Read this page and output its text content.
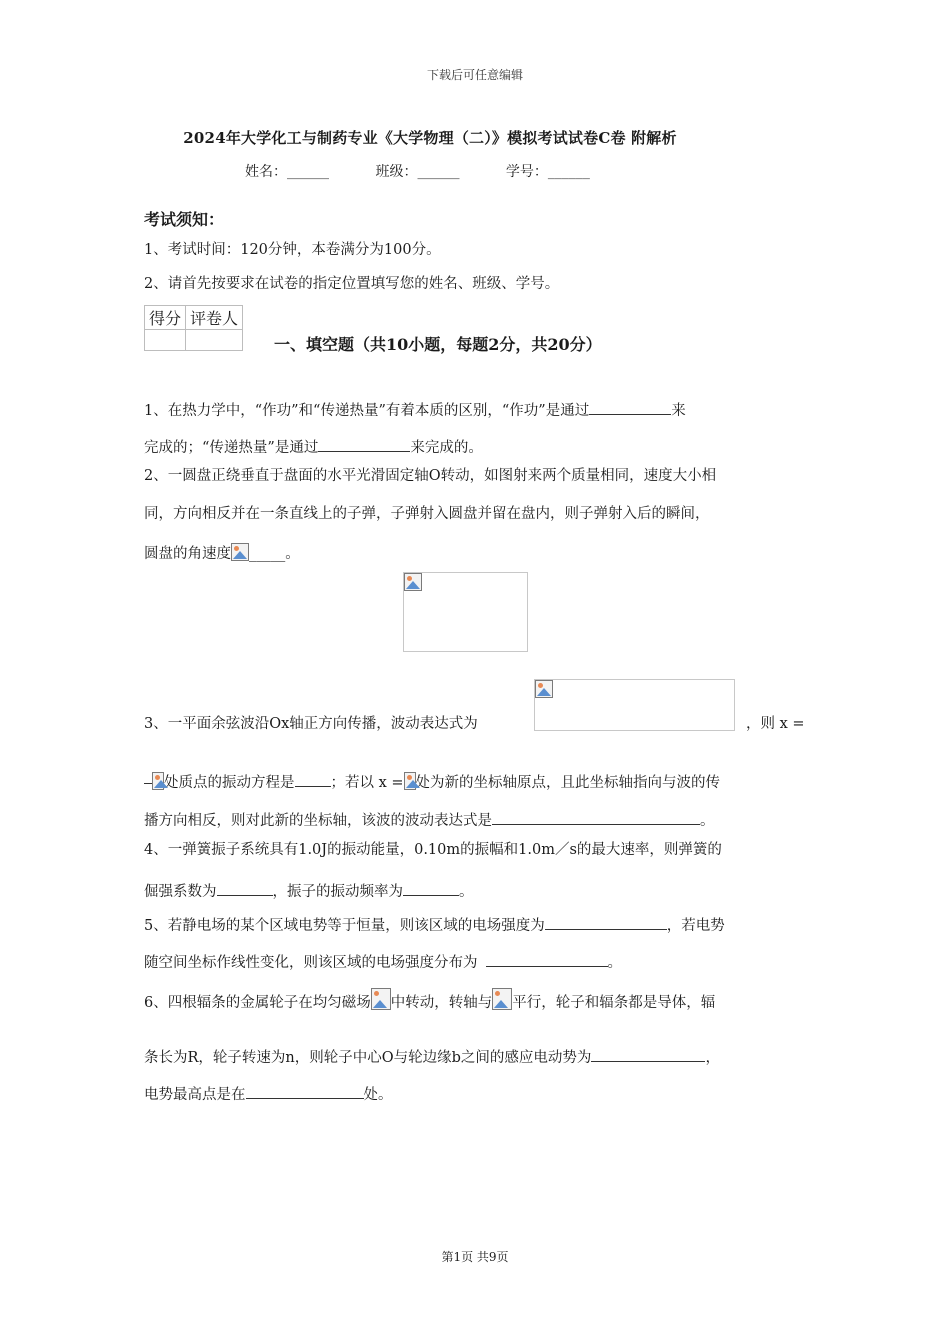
下载后可任意编辑
2024年大学化工与制药专业《大学物理（二）》模拟考试试卷C卷 附解析
姓名：______	班级：______	学号：______
考试须知：
1、考试时间：120分钟，本卷满分为100分。
2、请首先按要求在试卷的指定位置填写您的姓名、班级、学号。
得分	评卷人

一、填空题（共10小题，每题2分，共20分）
1、在热力学中，“作功”和“传递热量”有着本质的区别，“作功”是通过	来
完成的；“传递热量”是通过	来完成的。
2、一圆盘正绕垂直于盘面的水平光滑固定轴O转动，如图射来两个质量相同，速度大小相
同，方向相反并在一条直线上的子弹，子弹射入圆盘并留在盘内，则子弹射入后的瞬间，
圆盘的角速度 _____。
3、一平面余弦波沿Ox轴正方向传播，波动表达式为	，则 x =
处质点的振动方程是 ；若以 x = 处为新的坐标轴原点，且此坐标轴指向与波的传
播方向相反，则对此新的坐标轴，该波的波动表达式是	。
4、一弹簧振子系统具有1.0J的振动能量，0.10m的振幅和1.0m／s的最大速率，则弹簧的
倔强系数为	，振子的振动频率为	。
5、若静电场的某个区域电势等于恒量，则该区域的电场强度为	，若电势
随空间坐标作线性变化，则该区域的电场强度分布为	。
6、四根辐条的金属轮子在均匀磁场 中转动，转轴与 平行，轮子和辐条都是导体，辐
条长为R，轮子转速为n，则轮子中心O与轮边缘b之间的感应电动势为	，
电势最高点是在	处。
第1页 共9页
